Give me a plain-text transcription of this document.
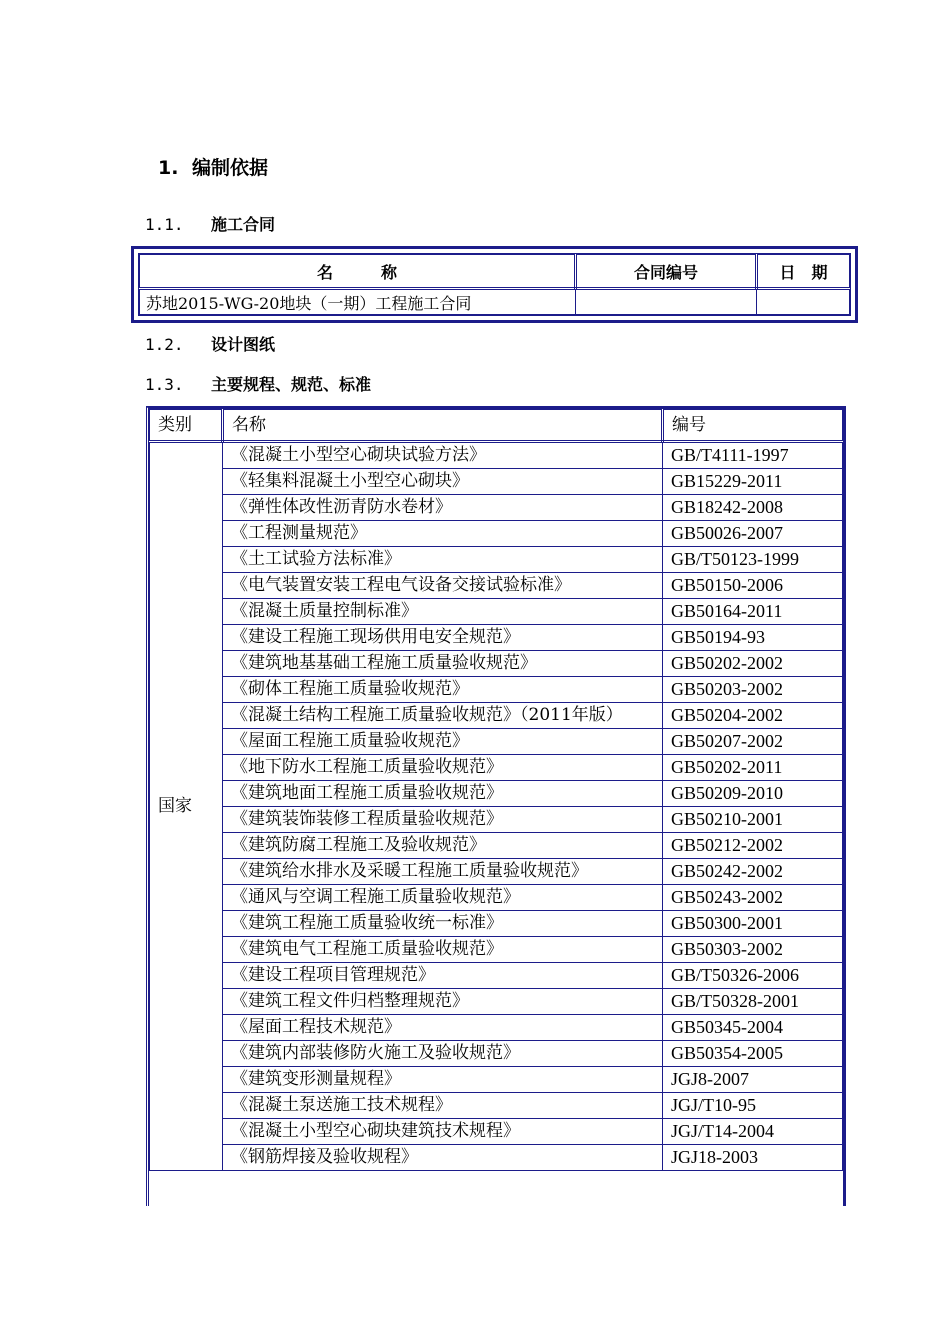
1. 编制依据
1.1. 施工合同
名　　　称	合同编号	日　期
苏地2015-WG-20地块（一期）工程施工合同		
1.2. 设计图纸
1.3. 主要规程、规范、标准
类别	名称	编号
国家	《混凝土小型空心砌块试验方法》	GB/T4111-1997
	《轻集料混凝土小型空心砌块》	GB15229-2011
	《弹性体改性沥青防水卷材》	GB18242-2008
	《工程测量规范》	GB50026-2007
	《土工试验方法标准》	GB/T50123-1999
	《电气装置安装工程电气设备交接试验标准》	GB50150-2006
	《混凝土质量控制标准》	GB50164-2011
	《建设工程施工现场供用电安全规范》	GB50194-93
	《建筑地基基础工程施工质量验收规范》	GB50202-2002
	《砌体工程施工质量验收规范》	GB50203-2002
	《混凝土结构工程施工质量验收规范》（2011年版）	GB50204-2002
	《屋面工程施工质量验收规范》	GB50207-2002
	《地下防水工程施工质量验收规范》	GB50202-2011
	《建筑地面工程施工质量验收规范》	GB50209-2010
	《建筑装饰装修工程质量验收规范》	GB50210-2001
	《建筑防腐工程施工及验收规范》	GB50212-2002
	《建筑给水排水及采暖工程施工质量验收规范》	GB50242-2002
	《通风与空调工程施工质量验收规范》	GB50243-2002
	《建筑工程施工质量验收统一标准》	GB50300-2001
	《建筑电气工程施工质量验收规范》	GB50303-2002
	《建设工程项目管理规范》	GB/T50326-2006
	《建筑工程文件归档整理规范》	GB/T50328-2001
	《屋面工程技术规范》	GB50345-2004
	《建筑内部装修防火施工及验收规范》	GB50354-2005
	《建筑变形测量规程》	JGJ8-2007
	《混凝土泵送施工技术规程》	JGJ/T10-95
	《混凝土小型空心砌块建筑技术规程》	JGJ/T14-2004
	《钢筋焊接及验收规程》	JGJ18-2003
